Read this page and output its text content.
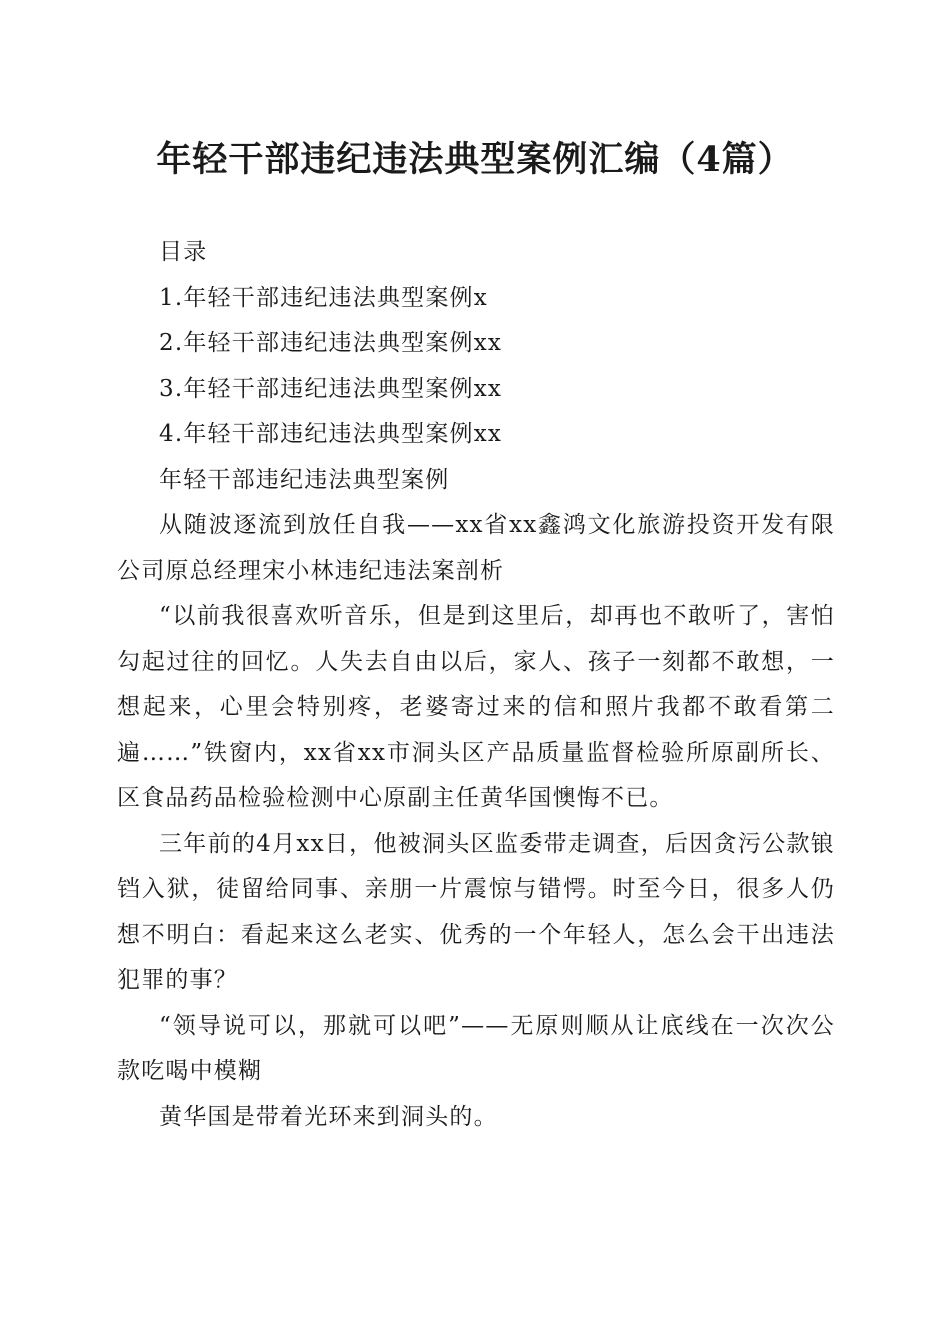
年轻干部违纪违法典型案例汇编（4篇）
目录
1.年轻干部违纪违法典型案例x
2.年轻干部违纪违法典型案例xx
3.年轻干部违纪违法典型案例xx
4.年轻干部违纪违法典型案例xx
年轻干部违纪违法典型案例
从随波逐流到放任自我——xx省xx鑫鸿文化旅游投资开发有限公司原总经理宋小林违纪违法案剖析
“以前我很喜欢听音乐，但是到这里后，却再也不敢听了，害怕勾起过往的回忆。人失去自由以后，家人、孩子一刻都不敢想，一想起来，心里会特别疼，老婆寄过来的信和照片我都不敢看第二遍……”铁窗内，xx省xx市洞头区产品质量监督检验所原副所长、区食品药品检验检测中心原副主任黄华国懊悔不已。
三年前的4月xx日，他被洞头区监委带走调查，后因贪污公款锒铛入狱，徒留给同事、亲朋一片震惊与错愕。时至今日，很多人仍想不明白：看起来这么老实、优秀的一个年轻人，怎么会干出违法犯罪的事？
“领导说可以，那就可以吧”——无原则顺从让底线在一次次公款吃喝中模糊
黄华国是带着光环来到洞头的。
